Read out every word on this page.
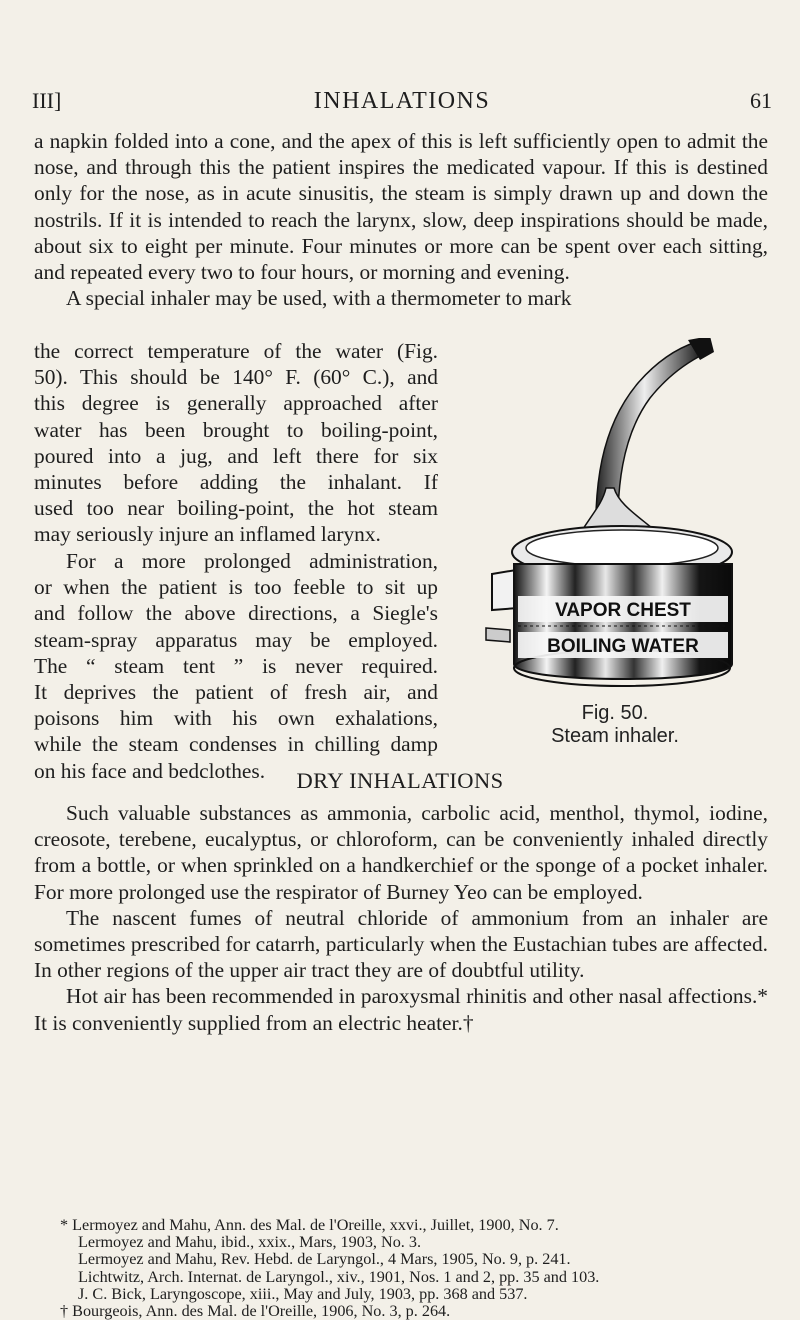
III]	INHALATIONS	61

a napkin folded into a cone, and the apex of this is left sufficiently open to admit the nose, and through this the patient inspires the medicated vapour. If this is destined only for the nose, as in acute sinusitis, the steam is simply drawn up and down the nostrils. If it is intended to reach the larynx, slow, deep inspirations should be made, about six to eight per minute. Four minutes or more can be spent over each sitting, and repeated every two to four hours, or morning and evening.

A special inhaler may be used, with a thermometer to mark

the correct temperature of the water (Fig.
50). This should be 140° F. (60° C.), and
this degree is generally approached after
water has been brought to boiling-point,
poured into a jug, and left there for six
minutes before adding the inhalant. If
used too near boiling-point, the hot steam
may seriously injure an inflamed larynx.
For a more prolonged administration,
or when the patient is too feeble to sit up
and follow the above directions, a Siegle's
steam-spray apparatus may be employed.
The “ steam tent ” is never required.
It deprives the patient of fresh air, and
poisons him with his own exhalations,
while the steam condenses in chilling damp
on his face and bedclothes.
VAPOR CHEST
BOILING WATER
Fig. 50.
Steam inhaler.
DRY INHALATIONS

Such valuable substances as ammonia, carbolic acid, menthol, thymol, iodine, creosote, terebene, eucalyptus, or chloroform, can be conveniently inhaled directly from a bottle, or when sprinkled on a handkerchief or the sponge of a pocket inhaler. For more prolonged use the respirator of Burney Yeo can be employed.

The nascent fumes of neutral chloride of ammonium from an inhaler are sometimes prescribed for catarrh, particularly when the Eustachian tubes are affected. In other regions of the upper air tract they are of doubtful utility.

Hot air has been recommended in paroxysmal rhinitis and other nasal affections.* It is conveniently supplied from an electric heater.†

* Lermoyez and Mahu, Ann. des Mal. de l'Oreille, xxvi., Juillet, 1900, No. 7.

Lermoyez and Mahu, ibid., xxix., Mars, 1903, No. 3.

Lermoyez and Mahu, Rev. Hebd. de Laryngol., 4 Mars, 1905, No. 9, p. 241.

Lichtwitz, Arch. Internat. de Laryngol., xiv., 1901, Nos. 1 and 2, pp. 35 and 103.

J. C. Bick, Laryngoscope, xiii., May and July, 1903, pp. 368 and 537.

† Bourgeois, Ann. des Mal. de l'Oreille, 1906, No. 3, p. 264.
